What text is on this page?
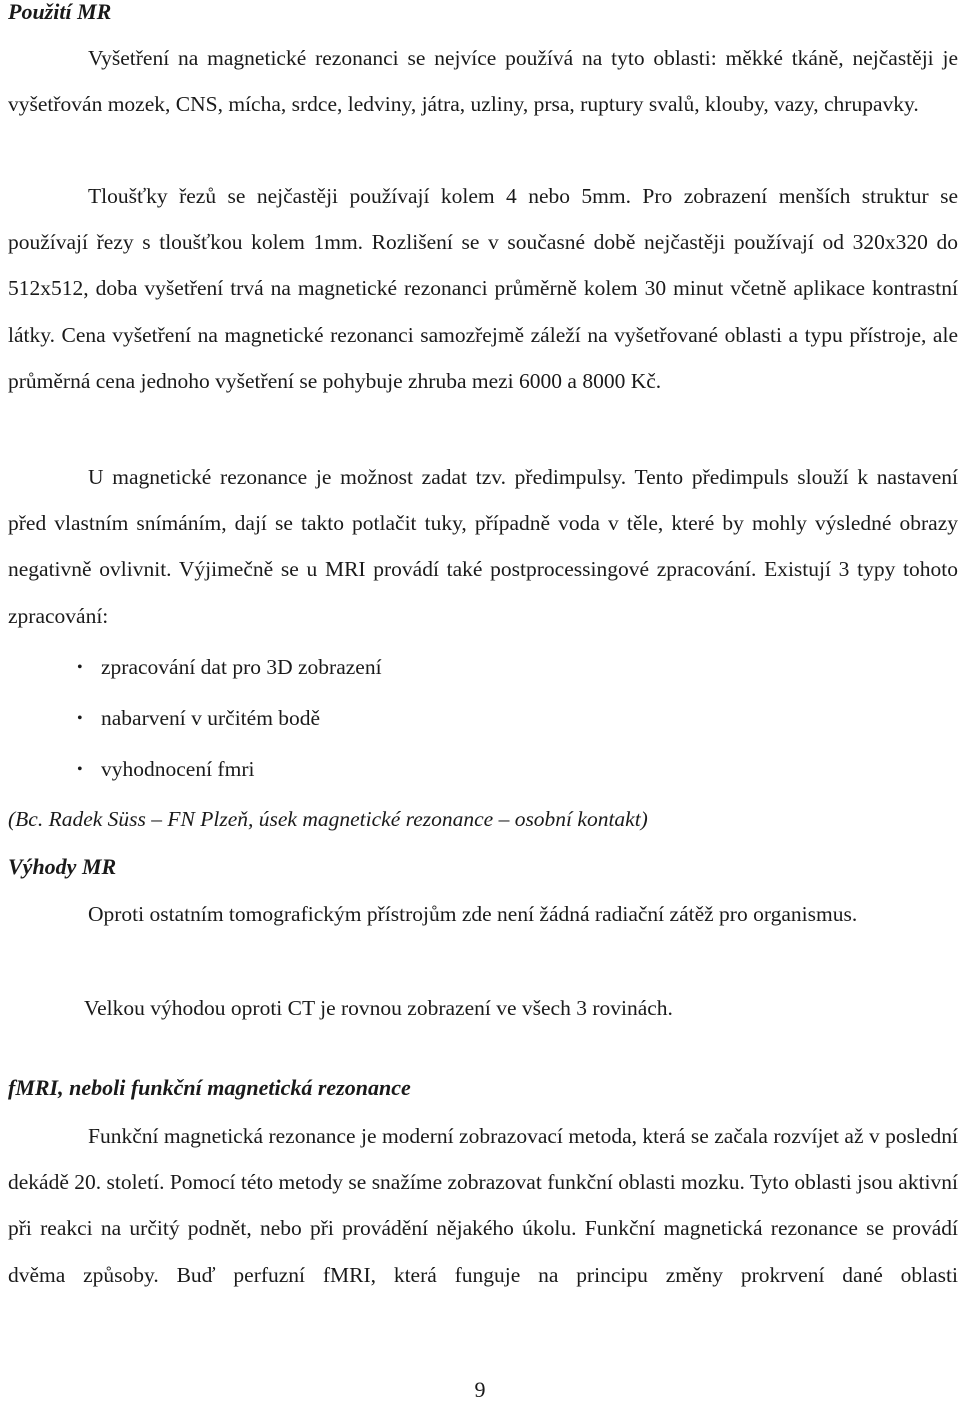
Použití MR

Vyšetření na magnetické rezonanci se nejvíce používá na tyto oblasti: měkké tkáně, nejčastěji je vyšetřován mozek, CNS, mícha, srdce, ledviny, játra, uzliny, prsa, ruptury svalů, klouby, vazy, chrupavky.

Tloušťky řezů se nejčastěji používají kolem 4 nebo 5mm. Pro zobrazení menších struktur se používají řezy s tloušťkou kolem 1mm. Rozlišení se v současné době nejčastěji používají od 320x320 do 512x512, doba vyšetření trvá na magnetické rezonanci průměrně kolem 30 minut včetně aplikace kontrastní látky. Cena vyšetření na magnetické rezonanci samozřejmě záleží na vyšetřované oblasti a typu přístroje, ale průměrná cena jednoho vyšetření se pohybuje zhruba mezi 6000 a 8000 Kč.

U magnetické rezonance je možnost zadat tzv. předimpulsy. Tento předimpuls slouží k nastavení před vlastním snímáním, dají se takto potlačit tuky, případně voda v těle, které by mohly výsledné obrazy negativně ovlivnit. Výjimečně se u MRI provádí také postprocessingové zpracování. Existují 3 typy tohoto zpracování:

• zpracování dat pro 3D zobrazení
• nabarvení v určitém bodě
• vyhodnocení fmri

(Bc. Radek Süss – FN Plzeň, úsek magnetické rezonance – osobní kontakt)

Výhody MR

Oproti ostatním tomografickým přístrojům zde není žádná radiační zátěž pro organismus.

Velkou výhodou oproti CT je rovnou zobrazení ve všech 3 rovinách.

fMRI, neboli funkční magnetická rezonance

Funkční magnetická rezonance je moderní zobrazovací metoda, která se začala rozvíjet až v poslední dekádě 20. století. Pomocí této metody se snažíme zobrazovat funkční oblasti mozku. Tyto oblasti jsou aktivní při reakci na určitý podnět, nebo při provádění nějakého úkolu. Funkční magnetická rezonance se provádí dvěma způsoby. Buď perfuzní fMRI, která funguje na principu změny prokrvení dané oblasti

9
